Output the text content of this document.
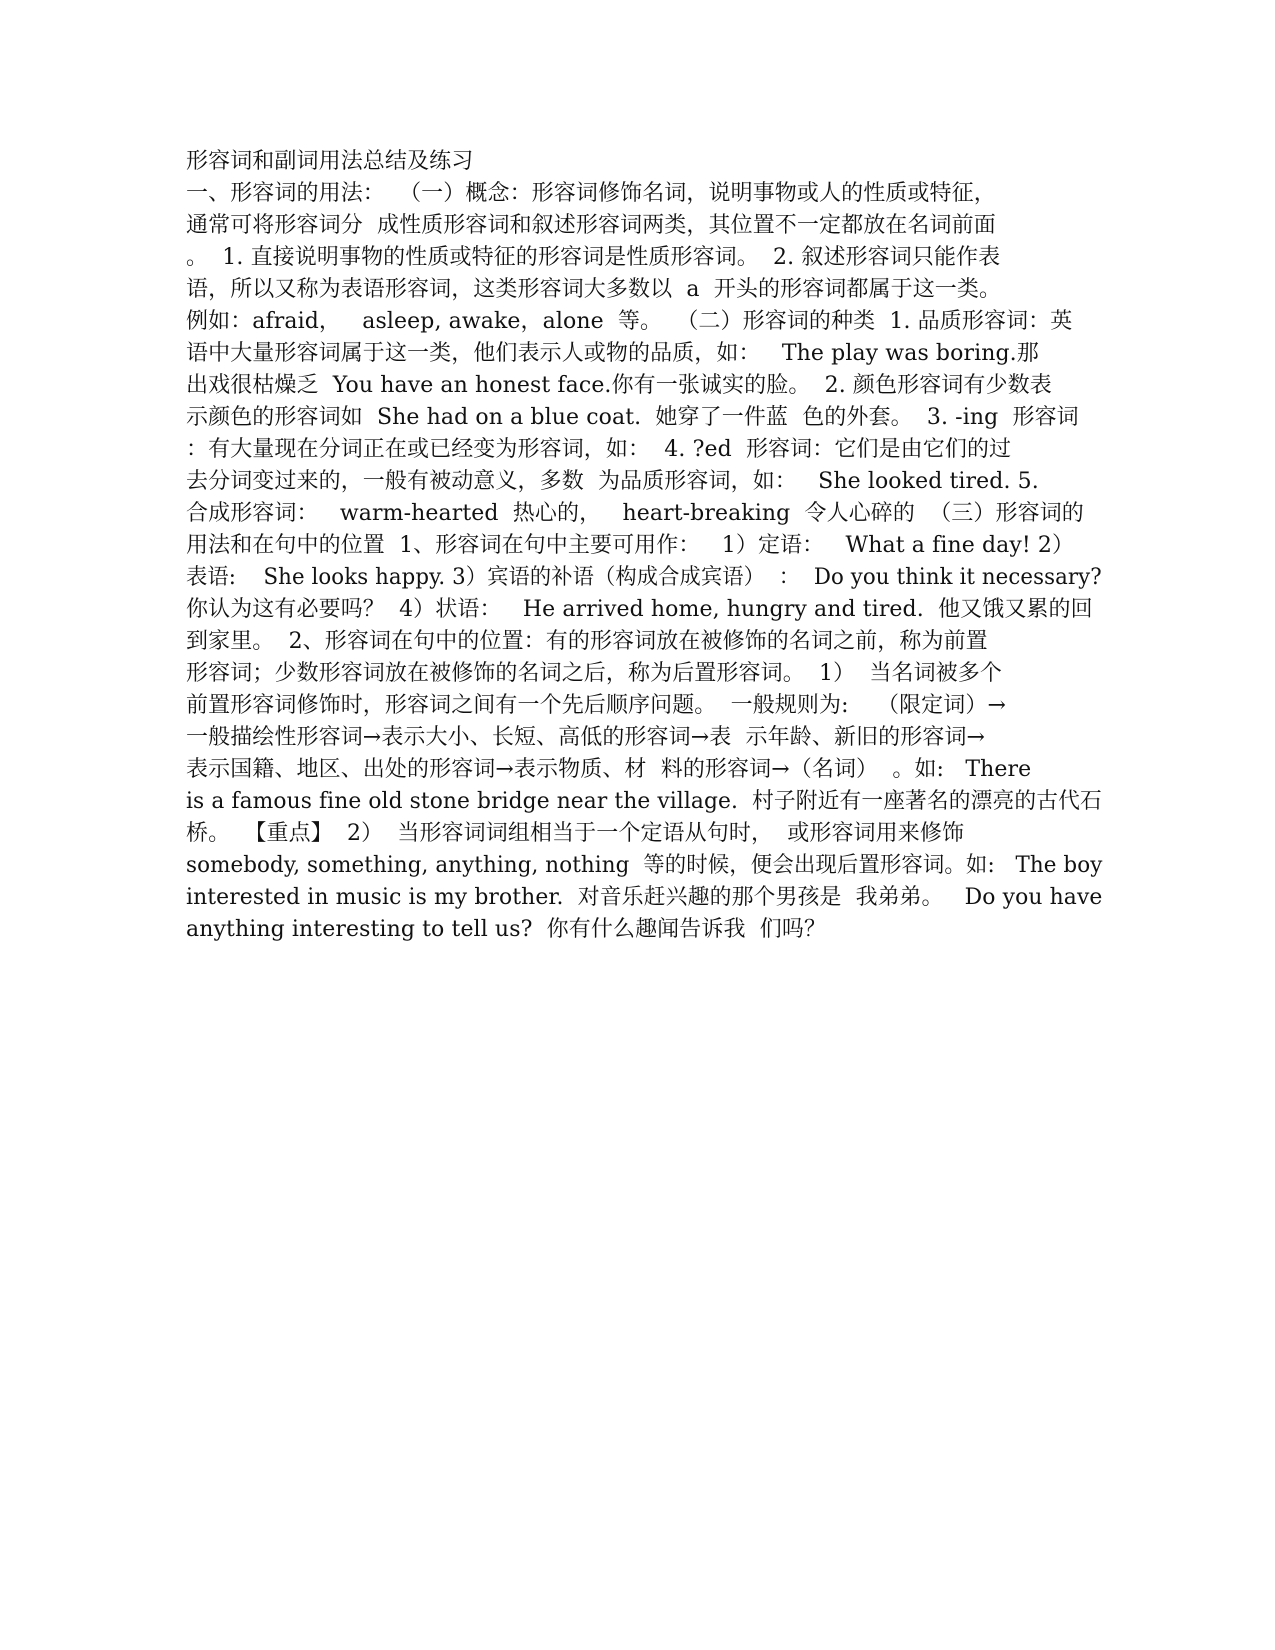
形容词和副词用法总结及练习
一、形容词的用法：  （一）概念：形容词修饰名词，说明事物或人的性质或特征，
通常可将形容词分  成性质形容词和叙述形容词两类，其位置不一定都放在名词前面
。  1. 直接说明事物的性质或特征的形容词是性质形容词。  2. 叙述形容词只能作表
语，所以又称为表语形容词，这类形容词大多数以  a  开头的形容词都属于这一类。
例如：afraid，   asleep, awake，alone  等。  （二）形容词的种类  1. 品质形容词：英
语中大量形容词属于这一类，他们表示人或物的品质，如：   The play was boring.那
出戏很枯燥乏  You have an honest face.你有一张诚实的脸。  2. 颜色形容词有少数表
示颜色的形容词如  She had on a blue coat.  她穿了一件蓝  色的外套。  3. -ing  形容词
：有大量现在分词正在或已经变为形容词，如：  4. ?ed  形容词：它们是由它们的过
去分词变过来的，一般有被动意义，多数  为品质形容词，如：   She looked tired. 5.
合成形容词：   warm-hearted  热心的，   heart-breaking  令人心碎的  （三）形容词的
用法和在句中的位置  1、形容词在句中主要可用作：   1）定语：   What a fine day! 2）
表语:    She looks happy. 3）宾语的补语（构成合成宾语）  ：  Do you think it necessary?
你认为这有必要吗？  4）状语：   He arrived home, hungry and tired.  他又饿又累的回
到家里。  2、形容词在句中的位置：有的形容词放在被修饰的名词之前，称为前置
形容词；少数形容词放在被修饰的名词之后，称为后置形容词。  1）  当名词被多个
前置形容词修饰时，形容词之间有一个先后顺序问题。  一般规则为:    （限定词）→
一般描绘性形容词→表示大小、长短、高低的形容词→表  示年龄、新旧的形容词→
表示国籍、地区、出处的形容词→表示物质、材  料的形容词→（名词）  。如:   There
is a famous fine old stone bridge near the village.  村子附近有一座著名的漂亮的古代石
桥。  【重点】  2）  当形容词词组相当于一个定语从句时，  或形容词用来修饰
somebody, something, anything, nothing  等的时候，便会出现后置形容词。如:   The boy
interested in music is my brother.  对音乐赶兴趣的那个男孩是  我弟弟。   Do you have
anything interesting to tell us?  你有什么趣闻告诉我  们吗？
